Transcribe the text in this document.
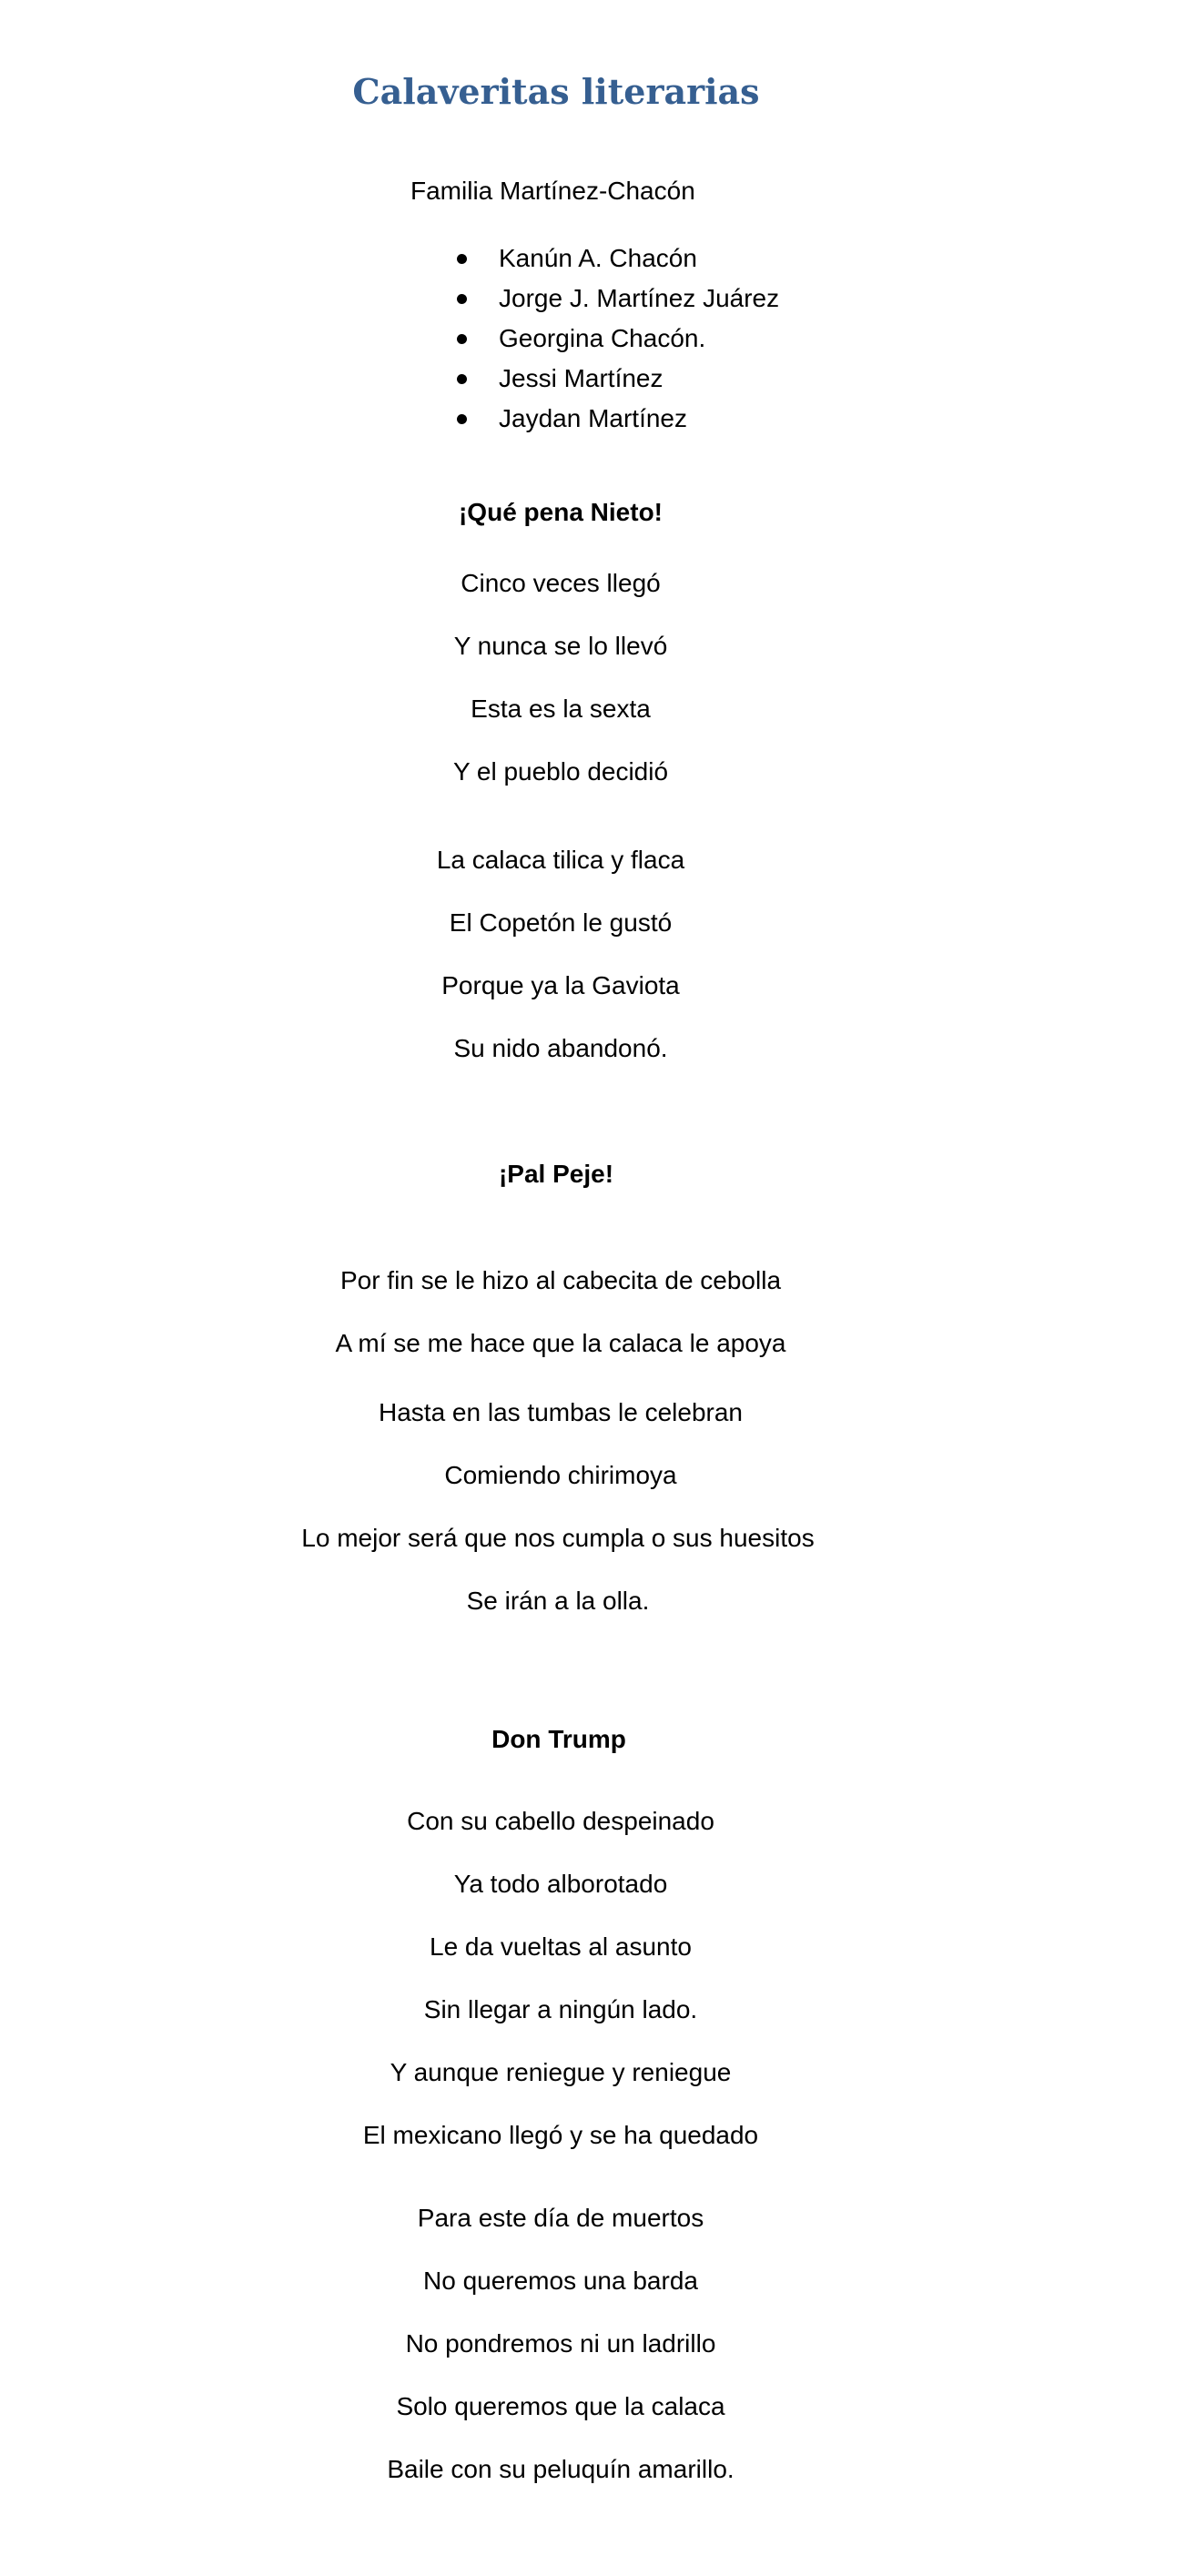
Calaveritas literarias

Familia Martínez-Chacón

Kanún A. Chacón
Jorge J. Martínez Juárez
Georgina Chacón.
Jessi Martínez
Jaydan Martínez

¡Qué pena Nieto!

Cinco veces llegó

Y nunca se lo llevó

Esta es la sexta

Y el pueblo decidió

La calaca tilica y flaca

El Copetón le gustó

Porque ya la Gaviota

Su nido abandonó.

¡Pal Peje!

Por fin se le hizo al cabecita de cebolla

A mí se me hace que la calaca le apoya

Hasta en las tumbas le celebran

Comiendo chirimoya

Lo mejor será que nos cumpla o sus huesitos

Se irán a la olla.

Don Trump

Con su cabello despeinado

Ya todo alborotado

Le da vueltas al asunto

Sin llegar a ningún lado.

Y aunque reniegue y reniegue

El mexicano llegó y se ha quedado

Para este día de muertos

No queremos una barda

No pondremos ni un ladrillo

Solo queremos que la calaca

Baile con su peluquín amarillo.
